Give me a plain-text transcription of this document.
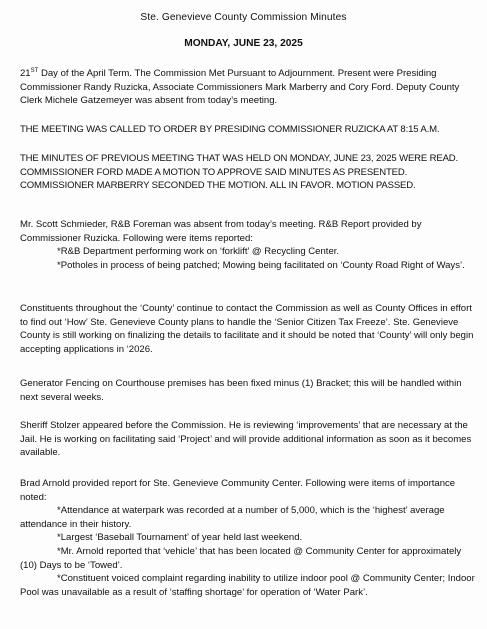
Ste. Genevieve County Commission Minutes
MONDAY, JUNE 23, 2025

21ST Day of the April Term. The Commission Met Pursuant to Adjournment. Present were Presiding Commissioner Randy Ruzicka, Associate Commissioners Mark Marberry and Cory Ford. Deputy County Clerk Michele Gatzemeyer was absent from today’s meeting.

THE MEETING WAS CALLED TO ORDER BY PRESIDING COMMISSIONER RUZICKA AT 8:15 A.M.

THE MINUTES OF PREVIOUS MEETING THAT WAS HELD ON MONDAY, JUNE 23, 2025 WERE READ. COMMISSIONER FORD MADE A MOTION TO APPROVE SAID MINUTES AS PRESENTED. COMMISSIONER MARBERRY SECONDED THE MOTION. ALL IN FAVOR. MOTION PASSED.

Mr. Scott Schmieder, R&B Foreman was absent from today’s meeting. R&B Report provided by Commissioner Ruzicka. Following were items reported:
*R&B Department performing work on ‘forklift’ @ Recycling Center.
*Potholes in process of being patched; Mowing being facilitated on ‘County Road Right of Ways’.

Constituents throughout the ‘County’ continue to contact the Commission as well as County Offices in effort to find out ‘How’ Ste. Genevieve County plans to handle the ‘Senior Citizen Tax Freeze’. Ste. Genevieve County is still working on finalizing the details to facilitate and it should be noted that ‘County’ will only begin accepting applications in ‘2026.

Generator Fencing on Courthouse premises has been fixed minus (1) Bracket; this will be handled within next several weeks.

Sheriff Stolzer appeared before the Commission. He is reviewing ‘improvements’ that are necessary at the Jail. He is working on facilitating said ‘Project’ and will provide additional information as soon as it becomes available.

Brad Arnold provided report for Ste. Genevieve Community Center. Following were items of importance noted:
*Attendance at waterpark was recorded at a number of 5,000, which is the ‘highest’ average attendance in their history.
*Largest ‘Baseball Tournament’ of year held last weekend.
*Mr. Arnold reported that ‘vehicle’ that has been located @ Community Center for approximately (10) Days to be ‘Towed’.
*Constituent voiced complaint regarding inability to utilize indoor pool @ Community Center; Indoor Pool was unavailable as a result of ‘staffing shortage’ for operation of ‘Water Park’.
